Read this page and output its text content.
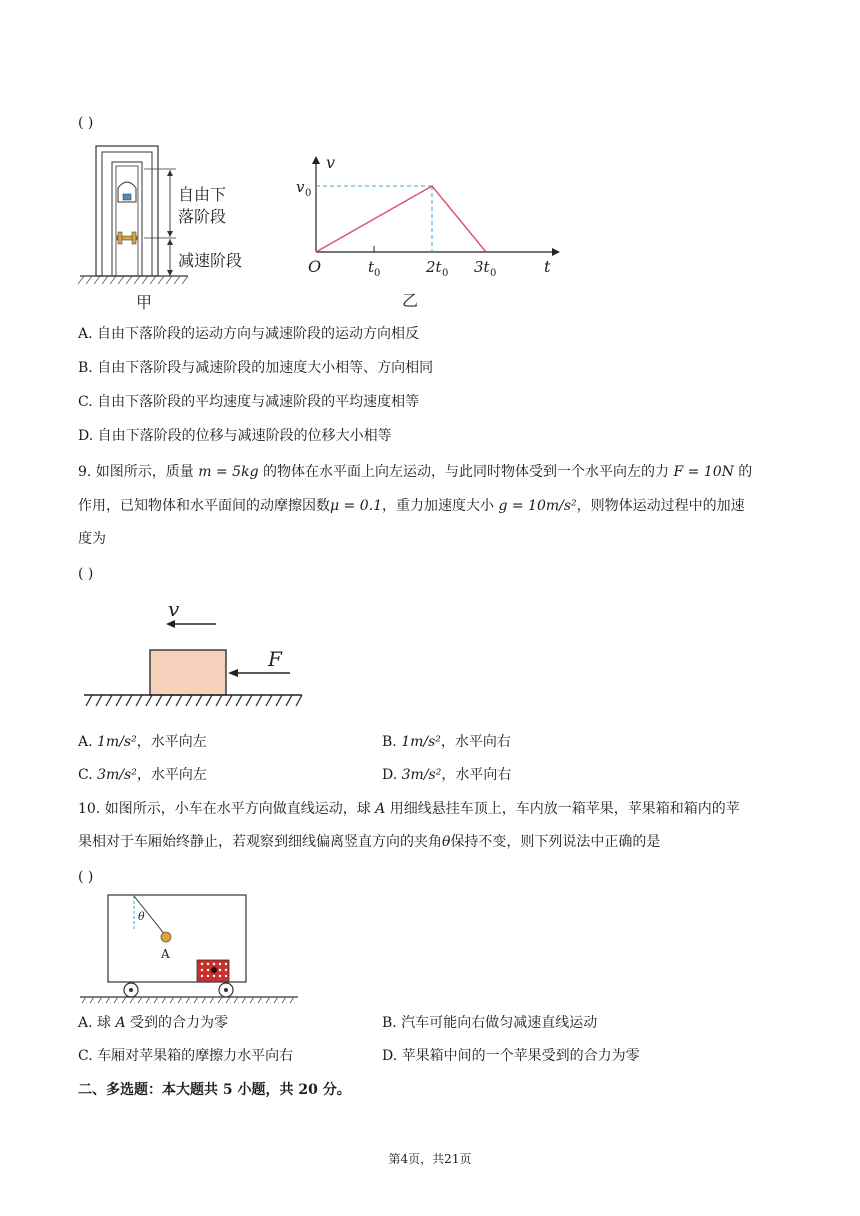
( )
自由下
落阶段
减速阶段
甲
v
t
O
v 0
t 0	2t 0 3t 0
乙
A. 自由下落阶段的运动方向与减速阶段的运动方向相反
B. 自由下落阶段与减速阶段的加速度大小相等、方向相同
C. 自由下落阶段的平均速度与减速阶段的平均速度相等
D. 自由下落阶段的位移与减速阶段的位移大小相等
9. 如图所示，质量 m = 5kg 的物体在水平面上向左运动，与此同时物体受到一个水平向左的力 F = 10N 的
作用，已知物体和水平面间的动摩擦因数μ = 0.1，重力加速度大小 g = 10m/s²，则物体运动过程中的加速
度为
( )
v
F
A. 1m/s²，水平向左	B. 1m/s²，水平向右
C. 3m/s²，水平向左	D. 3m/s²，水平向右
10. 如图所示，小车在水平方向做直线运动，球 A 用细线悬挂车顶上，车内放一箱苹果，苹果箱和箱内的苹
果相对于车厢始终静止，若观察到细线偏离竖直方向的夹角θ保持不变，则下列说法中正确的是
( )
θ
A
A. 球 A 受到的合力为零	B. 汽车可能向右做匀减速直线运动
C. 车厢对苹果箱的摩擦力水平向右	D. 苹果箱中间的一个苹果受到的合力为零
二、多选题：本大题共 5 小题，共 20 分。
第4页，共21页
